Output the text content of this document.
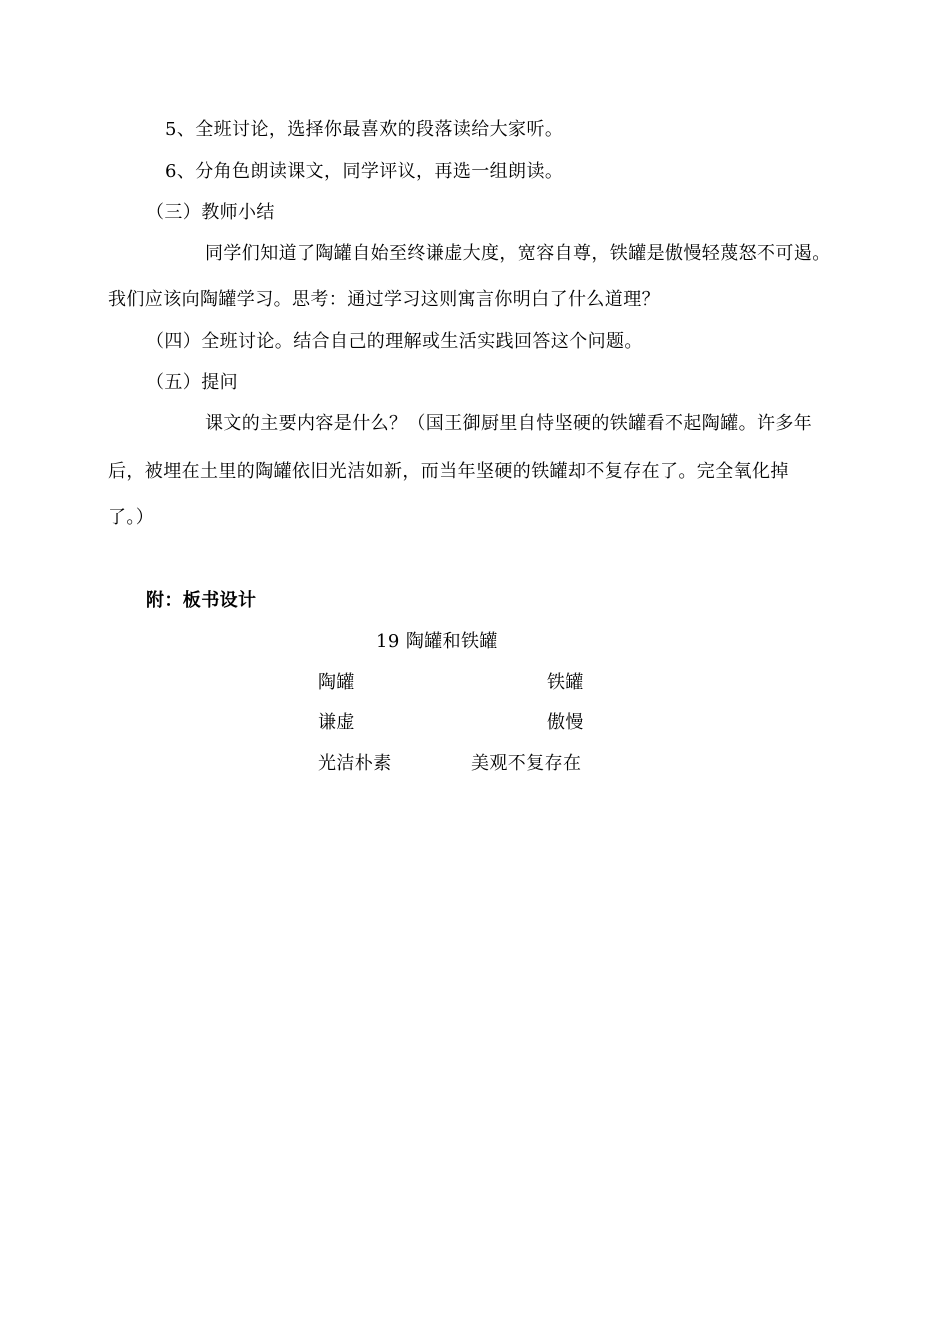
5、全班讨论，选择你最喜欢的段落读给大家听。
6、分角色朗读课文，同学评议，再选一组朗读。
（三）教师小结
同学们知道了陶罐自始至终谦虚大度，宽容自尊，铁罐是傲慢轻蔑怒不可遏。
我们应该向陶罐学习。思考：通过学习这则寓言你明白了什么道理？
（四）全班讨论。结合自己的理解或生活实践回答这个问题。
（五）提问
课文的主要内容是什么？（国王御厨里自恃坚硬的铁罐看不起陶罐。许多年
后，被埋在土里的陶罐依旧光洁如新，而当年坚硬的铁罐却不复存在了。完全氧化掉
了。）
附：板书设计
19 陶罐和铁罐
陶罐	铁罐
谦虚	傲慢
光洁朴素	美观不复存在
